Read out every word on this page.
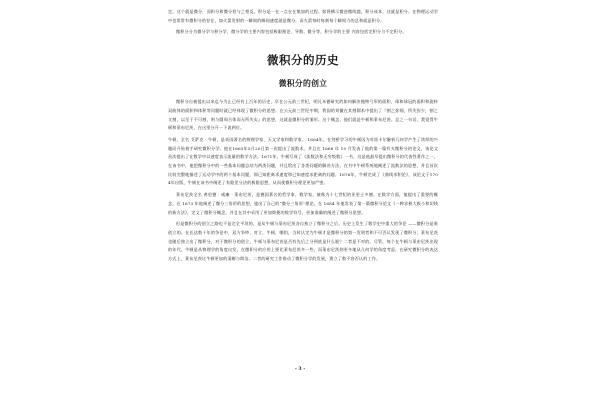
定。这个就是微分，而积分和微分恰与之相反。积分是一在一点在在集加的过程。如将横示微逆微线越，积分成本，这就是积分。在物理运动学中也常常有微积分的存在，如火箭发射的一瞬间的瞬间速度就是微分，而火箭每时每刻每个瞬间力的总和就是积分。

微积分分为微分学与积分学，微分学的主要内容包括极限理论、导数、微分等，积分学的主要 内容包括定积分与不定积分。

微积分的历史
微积分的创立

微积分自被提出以来迄今为止已经有上百年的历史，早在公元前三世纪，明凡米德研究的如何解决抛物弓形的面积、球和球冠的面积和旋转双曲体的面积和体积等问题时就已经体现了微积分的思想。在公元前三世纪中期，我国的刘徽在其割圆术中提出了『割之弥细，所失弥少，割之又割，以至于不可割，则与圆周合体而无所失矣』的思想，这就是微积分的雏形。这个概念，他们就是牛顿和莱布尼茨。总之一句话，我觉得牛顿和莱布尼茨，在这里分开一下说两位。

牛顿，全名 艾萨克 · 牛顿，是英国著名的物理学家、天文学家和数学家。 1664年，在剑桥学习的牛顿因为对笛卡尔解析几何学产生了浓厚的兴趣而开始着手研究微积分学。他在1665年5月20日第一次提出了流数术，并且在 1666 年 10 月发表了他的第一篇有关微积分的论文，该论文首次提出了在数学中以速度表示流量的数学方法。1671年，牛顿写成了《流数法和无穷级数》一书，这是他最早提出微积分的代表性著作之一，在该书中，他把微积分中的一些基本问题总结为两类问题，并且给出了各类问题的解决方法。在书中牛顿系统地阐述了流数法的思想，并且首次比较完整地描述了运动学中的两个基本问题，即已知距离求速度和已知速度求距离的问题。1676年，牛顿完成了《曲线求积论》，该论文于1704年出版，牛顿在该书中阐述了有限差分法的极限思想，从而使微积分理论更加严密。

莱布尼茨全名 弗里德 · 威廉 · 莱布尼茨，是德国著名的哲学家、数学家，被称为十七世纪的亚里士多德。在数学方面，他提出了重要的概念。在 1673 年他阐述了微分三角形的思想，提出了自己的“微分三角形”理论。在 1684 年他发表了第一篇微积分论文《一种求极大极小和切线的新方法》，定义了微积分概念，并且在其中采用了更加简便的数学符号，更加准确的阐述了微积分思想。

但是微积分的创立之路也不是完全平坦的，是从牛顿与莱布尼茨各自独立了微积分之后，历史上发生了数学史中重大的争论 ——微积分是谁创立的。在长达数十年的争论中，双方争吵、对立，牛顿，哪怕，当时认定为牛顿才是微积分的第一发明者和不可否认发现了微积分，莱布尼茨也随后独立出了微积分，对于微积分的创立，牛顿与莱布尼茨是否有先后之分到底是什么呢？二者是不对的。尽管，每个在牛顿与莱布尼茨出现的年代，牛顿是从物理学的角度出发，在微积分的应用上要比莱布尼茨多一些，而莱布尼茨则更多地从几何学的角度考虑，在研究微积分的表达方式上，莱布尼茨比牛顿更加的清晰与简洁。二者的研究工作推动了微积分学的发展，建立了数不容否认的工作。

- 3 -
